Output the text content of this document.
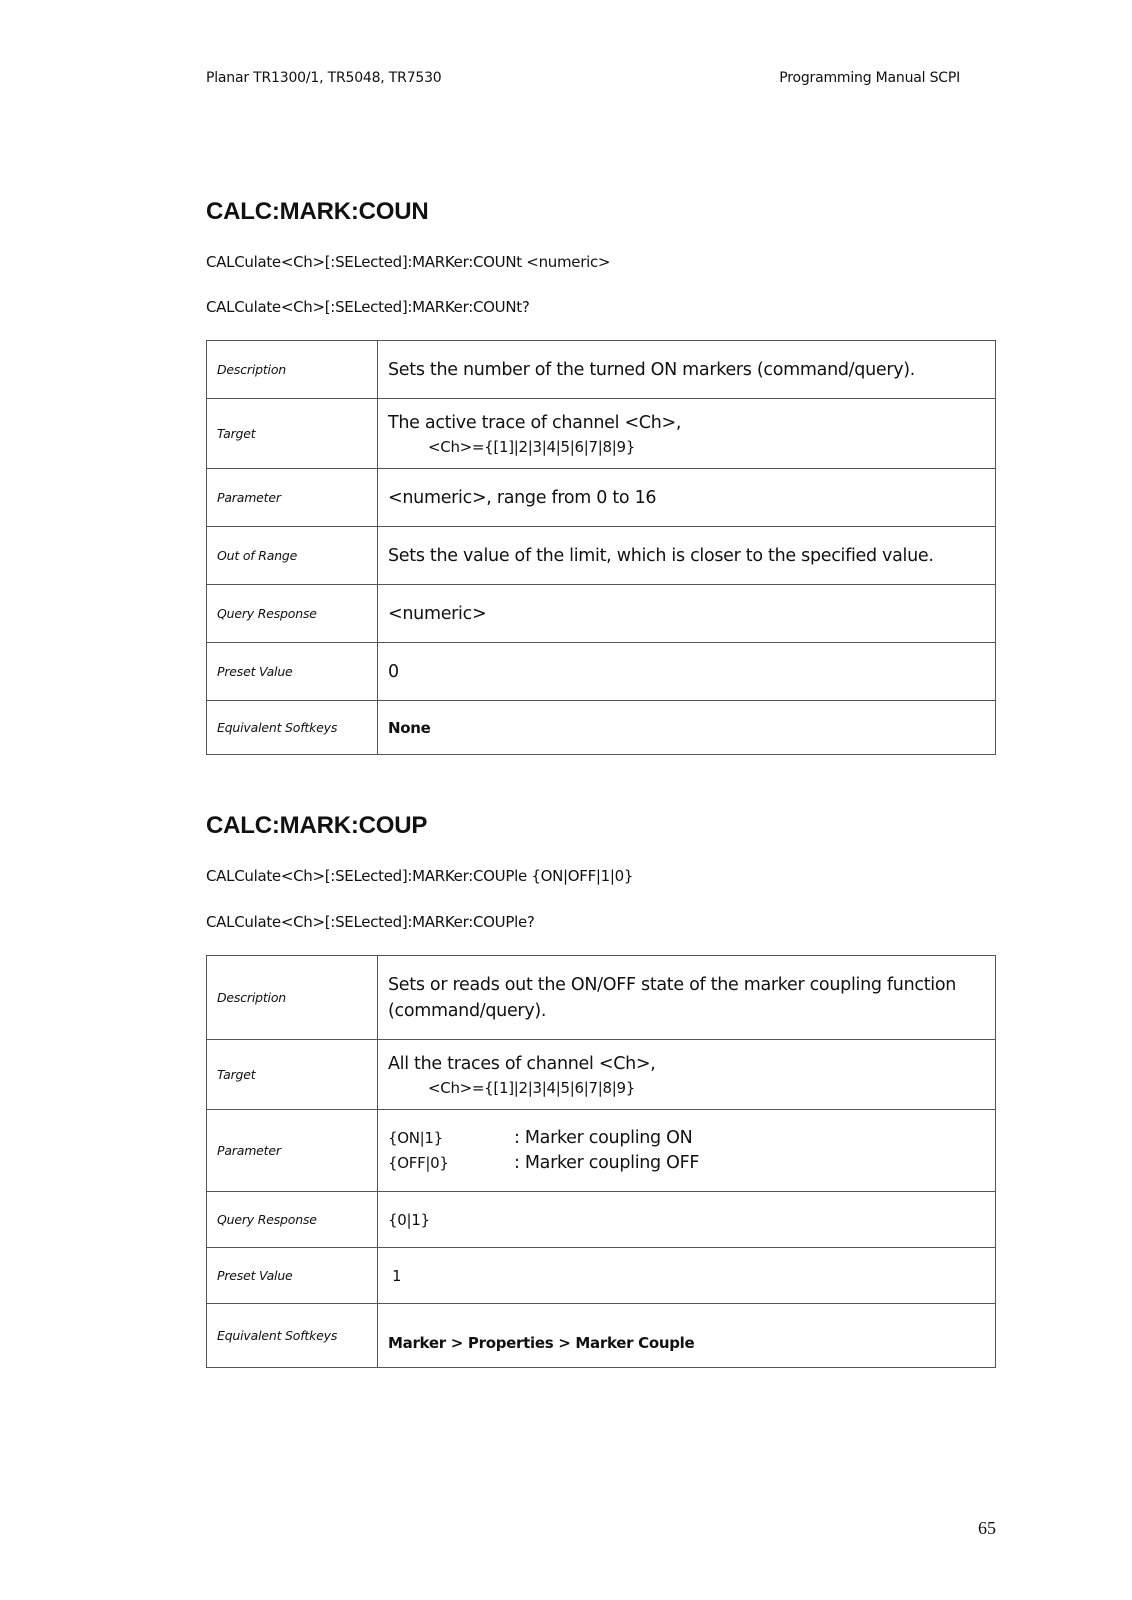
Planar TR1300/1, TR5048, TR7530	Programming Manual SCPI
CALC:MARK:COUN
CALCulate<Ch>[:SELected]:MARKer:COUNt <numeric>
CALCulate<Ch>[:SELected]:MARKer:COUNt?
Description	Sets the number of the turned ON markers (command/query).
Target	The active trace of channel <Ch>,
<Ch>={[1]|2|3|4|5|6|7|8|9}

Parameter	<numeric>, range from 0 to 16
Out of Range	Sets the value of the limit, which is closer to the specified value.
Query Response	<numeric>
Preset Value	0
Equivalent Softkeys	None
CALC:MARK:COUP
CALCulate<Ch>[:SELected]:MARKer:COUPle {ON|OFF|1|0}
CALCulate<Ch>[:SELected]:MARKer:COUPle?
Description	Sets or reads out the ON/OFF state of the marker coupling function (command/query).
Target	All the traces of channel <Ch>,
<Ch>={[1]|2|3|4|5|6|7|8|9}

Parameter	{ON|1} : Marker coupling ON
{OFF|0} : Marker coupling OFF

Query Response	{0|1}
Preset Value	1
Equivalent Softkeys	Marker > Properties > Marker Couple
65
